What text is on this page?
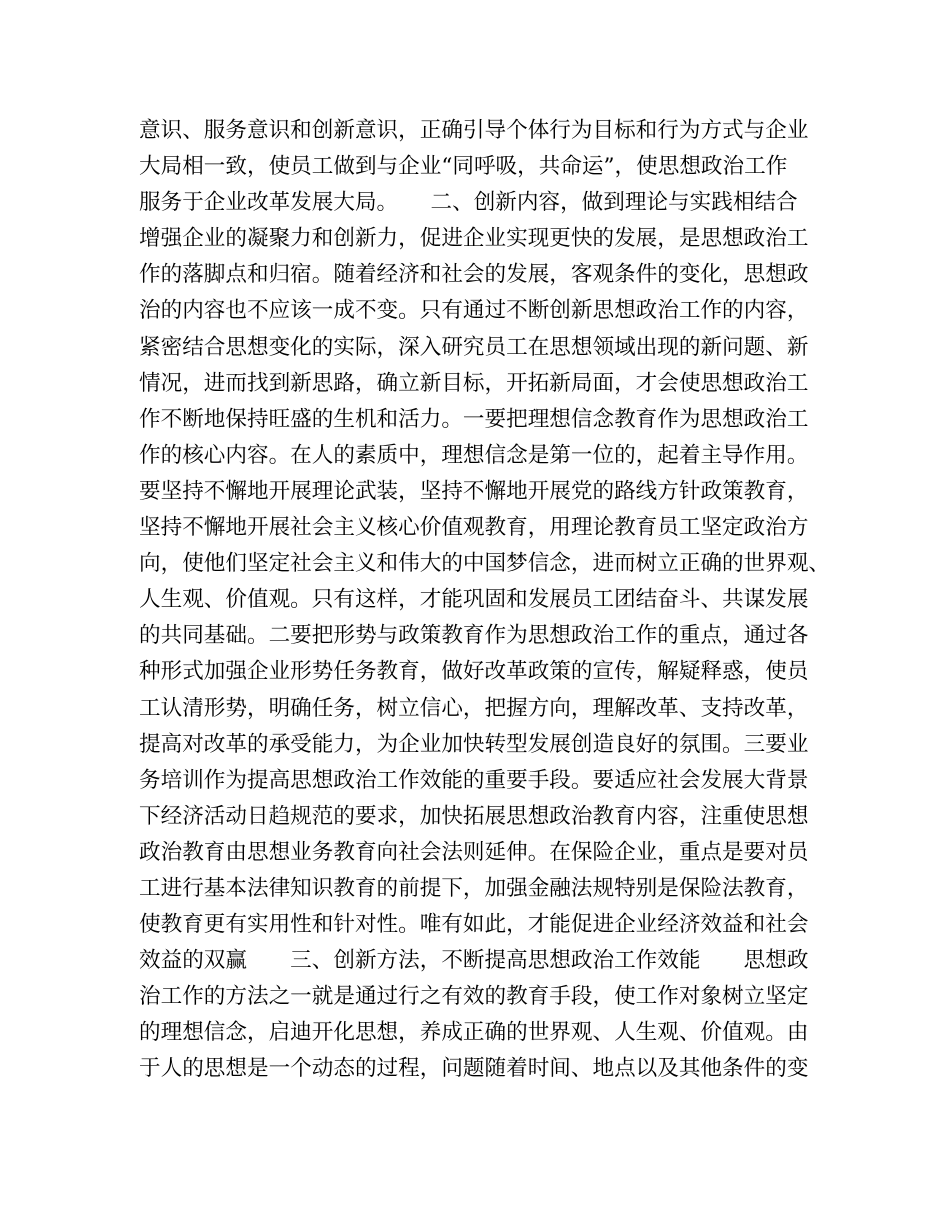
意识、服务意识和创新意识，正确引导个体行为目标和行为方式与企业
大局相一致，使员工做到与企业“同呼吸，共命运”，使思想政治工作
服务于企业改革发展大局。　　二、创新内容，做到理论与实践相结合
增强企业的凝聚力和创新力，促进企业实现更快的发展，是思想政治工
作的落脚点和归宿。随着经济和社会的发展，客观条件的变化，思想政
治的内容也不应该一成不变。只有通过不断创新思想政治工作的内容，
紧密结合思想变化的实际，深入研究员工在思想领域出现的新问题、新
情况，进而找到新思路，确立新目标，开拓新局面，才会使思想政治工
作不断地保持旺盛的生机和活力。一要把理想信念教育作为思想政治工
作的核心内容。在人的素质中，理想信念是第一位的，起着主导作用。
要坚持不懈地开展理论武装，坚持不懈地开展党的路线方针政策教育，
坚持不懈地开展社会主义核心价值观教育，用理论教育员工坚定政治方
向，使他们坚定社会主义和伟大的中国梦信念，进而树立正确的世界观、
人生观、价值观。只有这样，才能巩固和发展员工团结奋斗、共谋发展
的共同基础。二要把形势与政策教育作为思想政治工作的重点，通过各
种形式加强企业形势任务教育，做好改革政策的宣传，解疑释惑，使员
工认清形势，明确任务，树立信心，把握方向，理解改革、支持改革，
提高对改革的承受能力，为企业加快转型发展创造良好的氛围。三要业
务培训作为提高思想政治工作效能的重要手段。要适应社会发展大背景
下经济活动日趋规范的要求，加快拓展思想政治教育内容，注重使思想
政治教育由思想业务教育向社会法则延伸。在保险企业，重点是要对员
工进行基本法律知识教育的前提下，加强金融法规特别是保险法教育，
使教育更有实用性和针对性。唯有如此，才能促进企业经济效益和社会
效益的双赢　　三、创新方法，不断提高思想政治工作效能　　思想政
治工作的方法之一就是通过行之有效的教育手段，使工作对象树立坚定
的理想信念，启迪开化思想，养成正确的世界观、人生观、价值观。由
于人的思想是一个动态的过程，问题随着时间、地点以及其他条件的变
